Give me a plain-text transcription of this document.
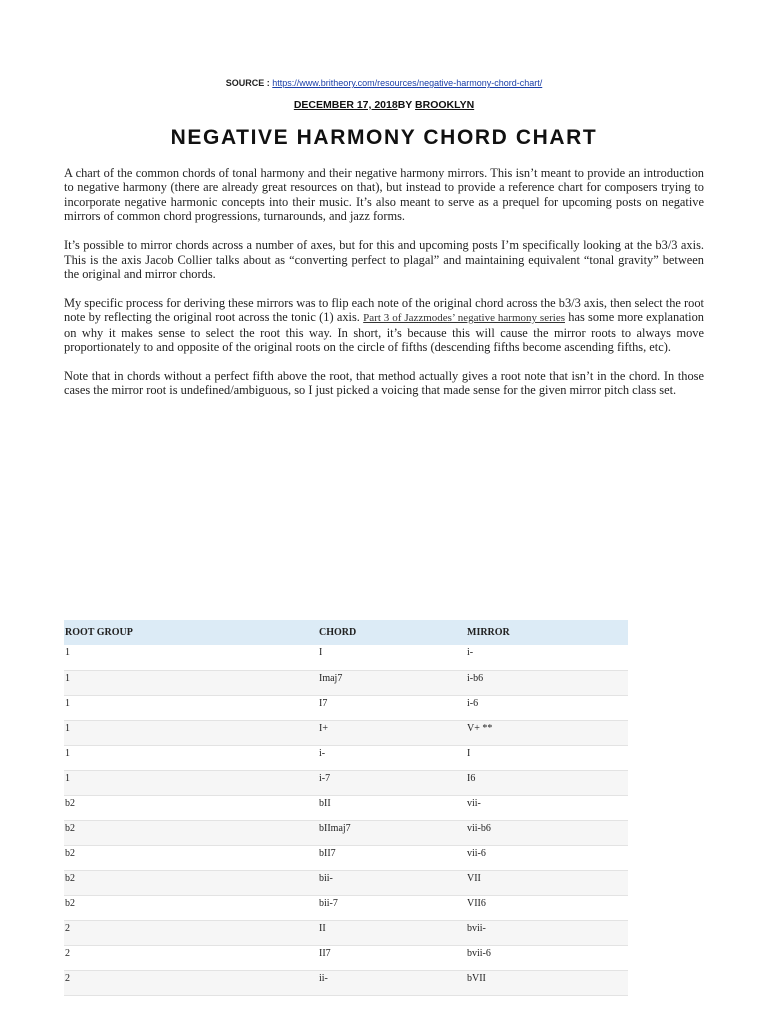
SOURCE : https://www.britheory.com/resources/negative-harmony-chord-chart/
DECEMBER 17, 2018BY BROOKLYN
NEGATIVE HARMONY CHORD CHART

A chart of the common chords of tonal harmony and their negative harmony mirrors. This isn’t meant to provide an introduction to negative harmony (there are already great resources on that), but instead to provide a reference chart for composers trying to incorporate negative harmonic concepts into their music. It’s also meant to serve as a prequel for upcoming posts on negative mirrors of common chord progressions, turnarounds, and jazz forms.

It’s possible to mirror chords across a number of axes, but for this and upcoming posts I’m specifically looking at the b3/3 axis. This is the axis Jacob Collier talks about as “converting perfect to plagal” and maintaining equivalent “tonal gravity” between the original and mirror chords.

My specific process for deriving these mirrors was to flip each note of the original chord across the b3/3 axis, then select the root note by reflecting the original root across the tonic (1) axis. Part 3 of Jazzmodes’ negative harmony series has some more explanation on why it makes sense to select the root this way. In short, it’s because this will cause the mirror roots to always move proportionately to and opposite of the original roots on the circle of fifths (descending fifths become ascending fifths, etc).

Note that in chords without a perfect fifth above the root, that method actually gives a root note that isn’t in the chord. In those cases the mirror root is undefined/ambiguous, so I just picked a voicing that made sense for the given mirror pitch class set.

ROOT GROUP	CHORD	MIRROR
1	I	i-
1	Imaj7	i-b6
1	I7	i-6
1	I+	V+ **
1	i-	I
1	i-7	I6
b2	bII	vii-
b2	bIImaj7	vii-b6
b2	bII7	vii-6
b2	bii-	VII
b2	bii-7	VII6
2	II	bvii-
2	II7	bvii-6
2	ii-	bVII
